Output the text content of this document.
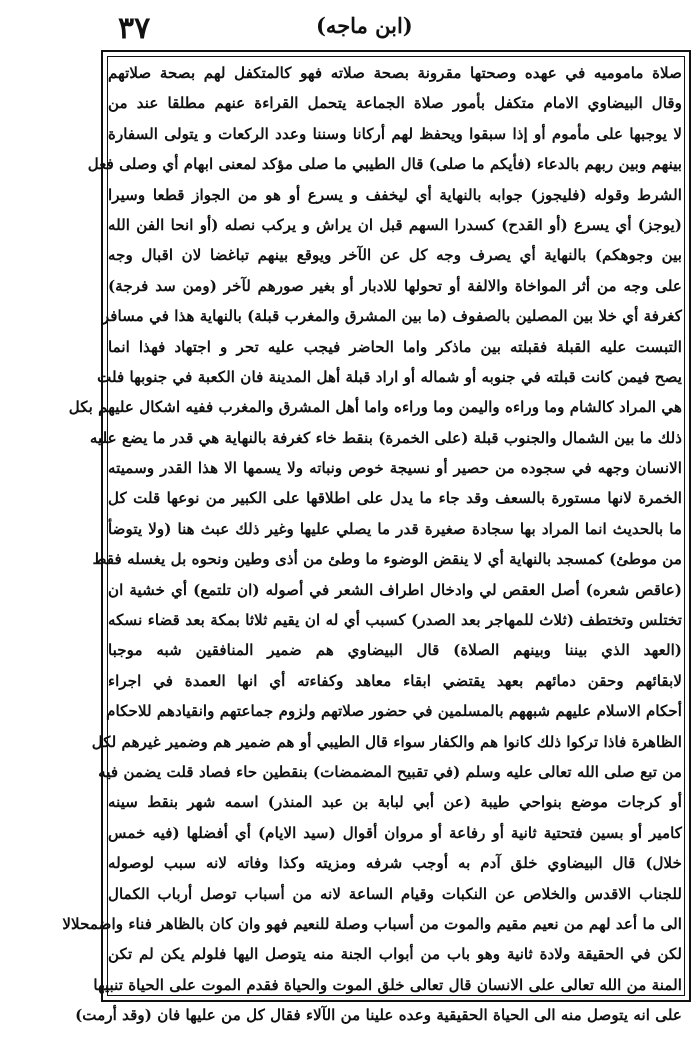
٣٧	(ابن ماجه)
صلاة ماموميه في عهده وصحتها مقرونة بصحة صلاته فهو كالمتكفل لهم بصحة صلاتهم
وقال البيضاوي الامام متكفل بأمور صلاة الجماعة يتحمل القراءة عنهم مطلقا عند من
لا يوجبها على مأموم أو إذا سبقوا ويحفظ لهم أركانا وسننا وعدد الركعات و يتولى السفارة
بينهم وبين ربهم بالدعاء (فأيكم ما صلى) قال الطيبي ما صلى مؤكد لمعنى ابهام أي وصلى فعل
الشرط وقوله (فليجوز) جوابه بالنهاية أي ليخفف و يسرع أو هو من الجواز قطعا وسيرا
(يوجز) أي يسرع (أو القدح) كسدرا السهم قبل ان يراش و يركب نصله (أو انحا الفن الله
بين وجوهكم) بالنهاية أي يصرف وجه كل عن الآخر ويوقع بينهم تباغضا لان اقبال وجه
على وجه من أثر المواخاة والالفة أو تحولها للادبار أو بغير صورهم لآخر (ومن سد فرجة)
كغرفة أي خلا بين المصلين بالصفوف (ما بين المشرق والمغرب قبلة) بالنهاية هذا في مسافر
التبست عليه القبلة فقبلته بين ماذكر واما الحاضر فيجب عليه تحر و اجتهاد فهذا انما
يصح فيمن كانت قبلته في جنوبه أو شماله أو اراد قبلة أهل المدينة فان الكعبة في جنوبها فلت
هي المراد كالشام وما وراءه واليمن وما وراءه واما أهل المشرق والمغرب ففيه اشكال عليهم بكل
ذلك ما بين الشمال والجنوب قبلة (على الخمرة) بنقط خاء كغرفة بالنهاية هي قدر ما يضع عليه
الانسان وجهه في سجوده من حصير أو نسيجة خوص ونباته ولا يسمها الا هذا القدر وسميته
الخمرة لانها مستورة بالسعف وقد جاء ما يدل على اطلاقها على الكبير من نوعها قلت كل
ما بالحديث انما المراد بها سجادة صغيرة قدر ما يصلي عليها وغير ذلك عبث هنا (ولا يتوضأ
من موطئ) كمسجد بالنهاية أي لا ينقض الوضوء ما وطئ من أذى وطين ونحوه بل يغسله فقط
(عاقص شعره) أصل العقص لي وادخال اطراف الشعر في أصوله (ان تلتمع) أي خشية ان
تختلس وتختطف (ثلاث للمهاجر بعد الصدر) كسبب أي له ان يقيم ثلاثا بمكة بعد قضاء نسكه
(العهد الذي بيننا وبينهم الصلاة) قال البيضاوي هم ضمير المنافقين شبه موجبا
لابقائهم وحقن دمائهم بعهد يقتضي ابقاء معاهد وكفاءته أي انها العمدة في اجراء
أحكام الاسلام عليهم شبههم بالمسلمين في حضور صلاتهم ولزوم جماعتهم وانقيادهم للاحكام
الظاهرة فاذا تركوا ذلك كانوا هم والكفار سواء قال الطيبي أو هم ضمير هم وضمير غيرهم لكل
من تبع صلى الله تعالى عليه وسلم (في تقبيح المضمضات) بنقطين حاء فصاد قلت يضمن فيه
أو كرجات موضع بنواحي طيبة (عن أبي لبابة بن عبد المنذر) اسمه شهر بنقط سينه
كامير أو بسين فتحتية ثانية أو رفاعة أو مروان أقوال (سيد الايام) أي أفضلها (فيه خمس
خلال) قال البيضاوي خلق آدم به أوجب شرفه ومزيته وكذا وفاته لانه سبب لوصوله
للجناب الاقدس والخلاص عن النكبات وقيام الساعة لانه من أسباب توصل أرباب الكمال
الى ما أعد لهم من نعيم مقيم والموت من أسباب وصلة للنعيم فهو وان كان بالظاهر فناء واضمحلالا
لكن في الحقيقة ولادة ثانية وهو باب من أبواب الجنة منه يتوصل اليها فلولم يكن لم تكن
المنة من الله تعالى على الانسان قال تعالى خلق الموت والحياة فقدم الموت على الحياة تنبيها
على انه يتوصل منه الى الحياة الحقيقية وعده علينا من الآلاء فقال كل من عليها فان (وقد أرمت)
